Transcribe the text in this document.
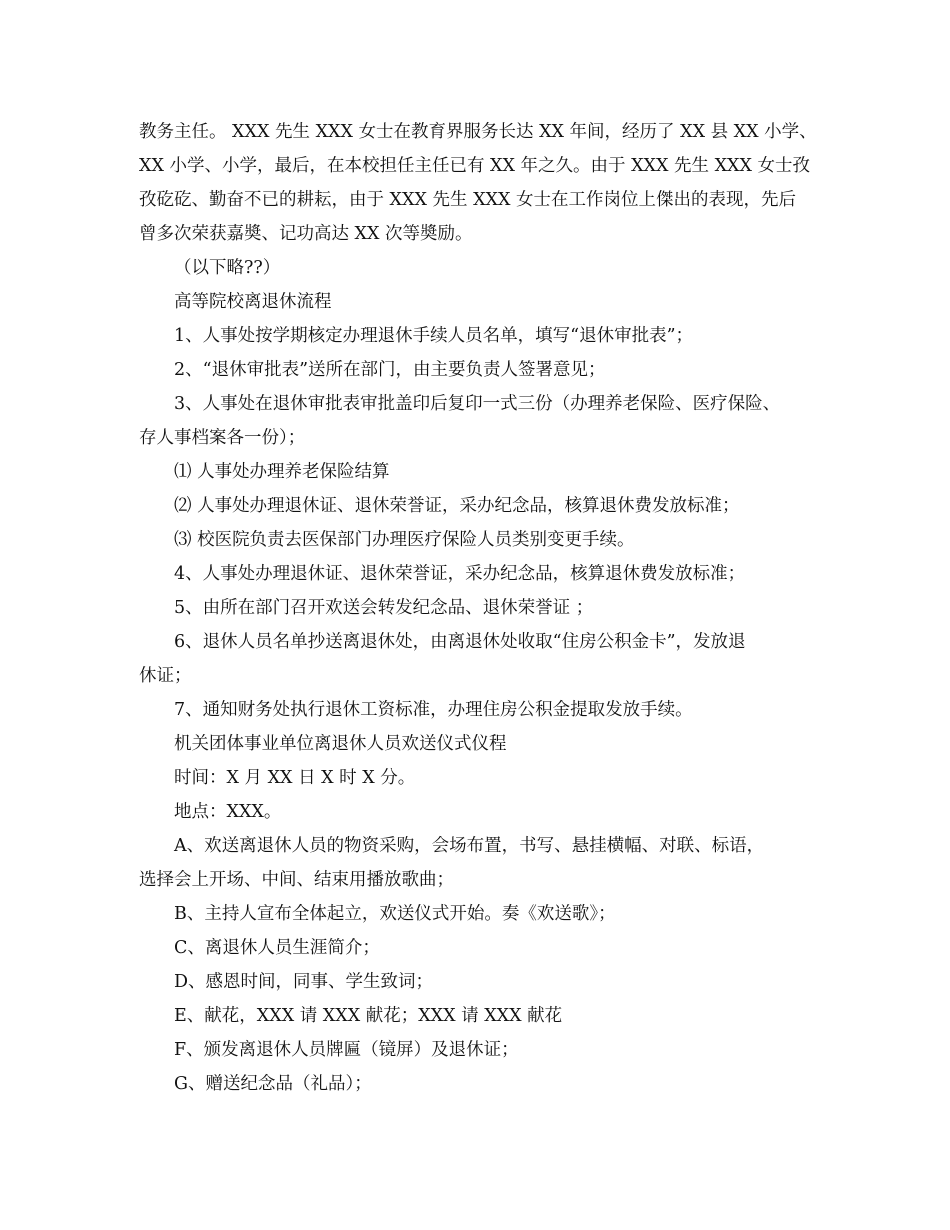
教务主任。 XXX 先生 XXX 女士在教育界服务长达 XX 年间，经历了 XX 县 XX 小学、

XX 小学、小学，最后，在本校担任主任已有 XX 年之久。由于 XXX 先生 XXX 女士孜

孜矻矻、勤奋不已的耕耘，由于 XXX 先生 XXX 女士在工作岗位上傑出的表现，先后

曾多次荣获嘉奬、记功高达 XX 次等奬励。

（以下略??）

高等院校离退休流程

1、人事处按学期核定办理退休手续人员名单，填写“退休审批表”；

2、“退休审批表”送所在部门，由主要负责人签署意见；

3、人事处在退休审批表审批盖印后复印一式三份（办理养老保险、医疗保险、

存人事档案各一份）；

⑴ 人事处办理养老保险结算

⑵ 人事处办理退休证、退休荣誉证，采办纪念品，核算退休费发放标准；

⑶ 校医院负责去医保部门办理医疗保险人员类别变更手续。

4、人事处办理退休证、退休荣誉证，采办纪念品，核算退休费发放标准；

5、由所在部门召开欢送会转发纪念品、退休荣誉证 ；

6、退休人员名单抄送离退休处，由离退休处收取“住房公积金卡”，发放退

休证；

7、通知财务处执行退休工资标准，办理住房公积金提取发放手续。

机关团体事业单位离退休人员欢送仪式仪程

时间：X 月 XX 日 X 时 X 分。

地点：XXX。

A、欢送离退休人员的物资采购，会场布置，书写、悬挂横幅、对联、标语，

选择会上开场、中间、结束用播放歌曲；

B、主持人宣布全体起立，欢送仪式开始。奏《欢送歌》；

C、离退休人员生涯简介；

D、感恩时间，同事、学生致词；

E、献花，XXX 请 XXX 献花；XXX 请 XXX 献花

F、颁发离退休人员牌匾（镜屏）及退休证；

G、赠送纪念品（礼品）；
